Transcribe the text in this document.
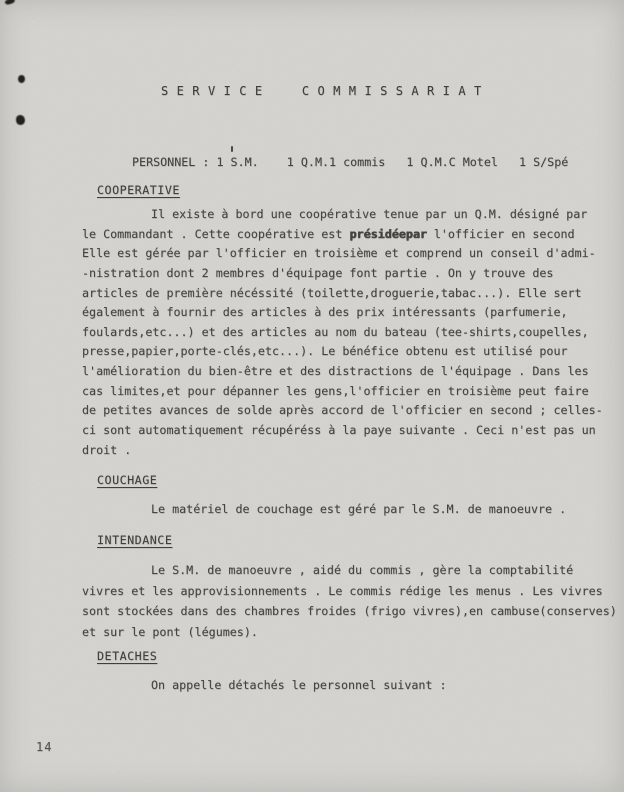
S E R V I C E     C O M M I S S A R I A T
PERSONNEL : 1 S.M.    1 Q.M.1 commis   1 Q.M.C Motel   1 S/Spé
COOPERATIVE
Il existe à bord une coopérative tenue par un Q.M. désigné par
le Commandant . Cette coopérative est présidéepar l'officier en second
Elle est gérée par l'officier en troisième et comprend un conseil d'admi-
-nistration dont 2 membres d'équipage font partie . On y trouve des
articles de première nécéssité (toilette,droguerie,tabac...). Elle sert
également à fournir des articles à des prix intéressants (parfumerie,
foulards,etc...) et des articles au nom du bateau (tee-shirts,coupelles,
presse,papier,porte-clés,etc...). Le bénéfice obtenu est utilisé pour
l'amélioration du bien-être et des distractions de l'équipage . Dans les
cas limites,et pour dépanner les gens,l'officier en troisième peut faire
de petites avances de solde après accord de l'officier en second ; celles-
ci sont automatiquement récupéréss à la paye suivante . Ceci n'est pas un
droit .
COUCHAGE
Le matériel de couchage est géré par le S.M. de manoeuvre .
INTENDANCE
Le S.M. de manoeuvre , aidé du commis , gère la comptabilité
vivres et les approvisionnements . Le commis rédige les menus . Les vivres
sont stockées dans des chambres froides (frigo vivres),en cambuse(conserves)
et sur le pont (légumes).
DETACHES
On appelle détachés le personnel suivant :
14
